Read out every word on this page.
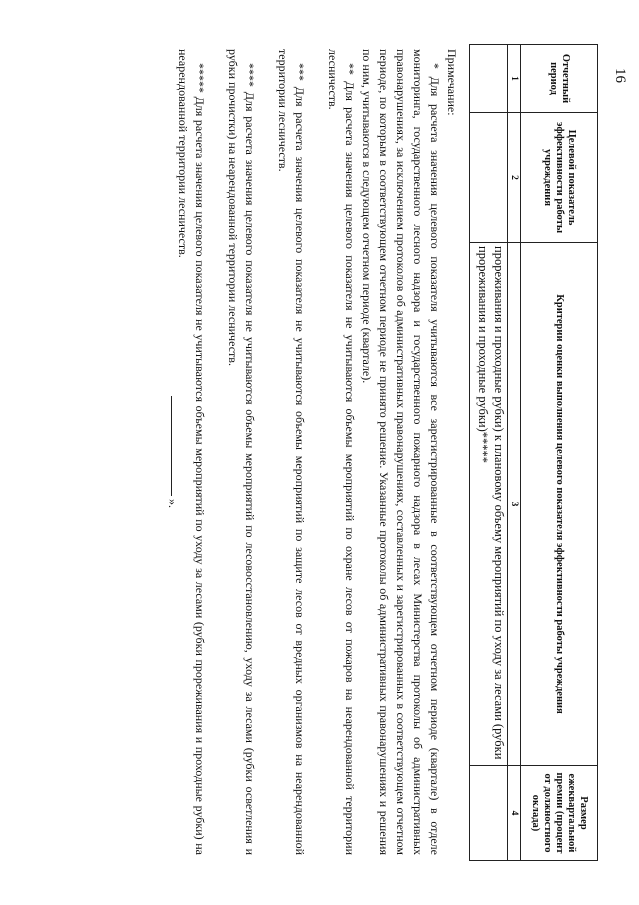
16
Отчетный период	Целевой показатель эффективности работы учреждения	Критерии оценки выполнения целевого показателя эффективности работы учреждения	Размер ежеквартальной премии (процент от должностного оклада)
1	2	3	4
		прореживания и проходные рубки) к плановому объему мероприятий по уходу за лесами (рубки прореживания и проходные рубки)*****	

Примечание:

* Для расчета значения целевого показателя учитываются все зарегистрированные в соответствующем отчетном периоде (квартале) в отделе мониторинга, государственного лесного надзора и государственного пожарного надзора в лесах Министерства протоколы об административных правонарушениях, за исключением протоколов об административных правонарушениях, составленных и зарегистрированных в соответствующем отчетном периоде, по которым в соответствующем отчетном периоде не принято решение. Указанные протоколы об административных правонарушениях и решения по ним, учитываются в следующем отчетном периоде (квартале).

** Для расчета значения целевого показателя не учитываются объемы мероприятий по охране лесов от пожаров на неарендованной территории лесничеств.

*** Для расчета значения целевого показателя не учитываются объемы мероприятий по защите лесов от вредных организмов на неарендованной территории лесничеств.

**** Для расчета значения целевого показателя не учитываются объемы мероприятий по лесовосстановлению, уходу за лесами (рубки осветления и рубки прочистки) на неарендованной территории лесничеств.

***** Для расчета значения целевого показателя не учитываются объемы мероприятий по уходу за лесами (рубки прореживания и проходные рубки) на неарендованной территории лесничеств.

».
